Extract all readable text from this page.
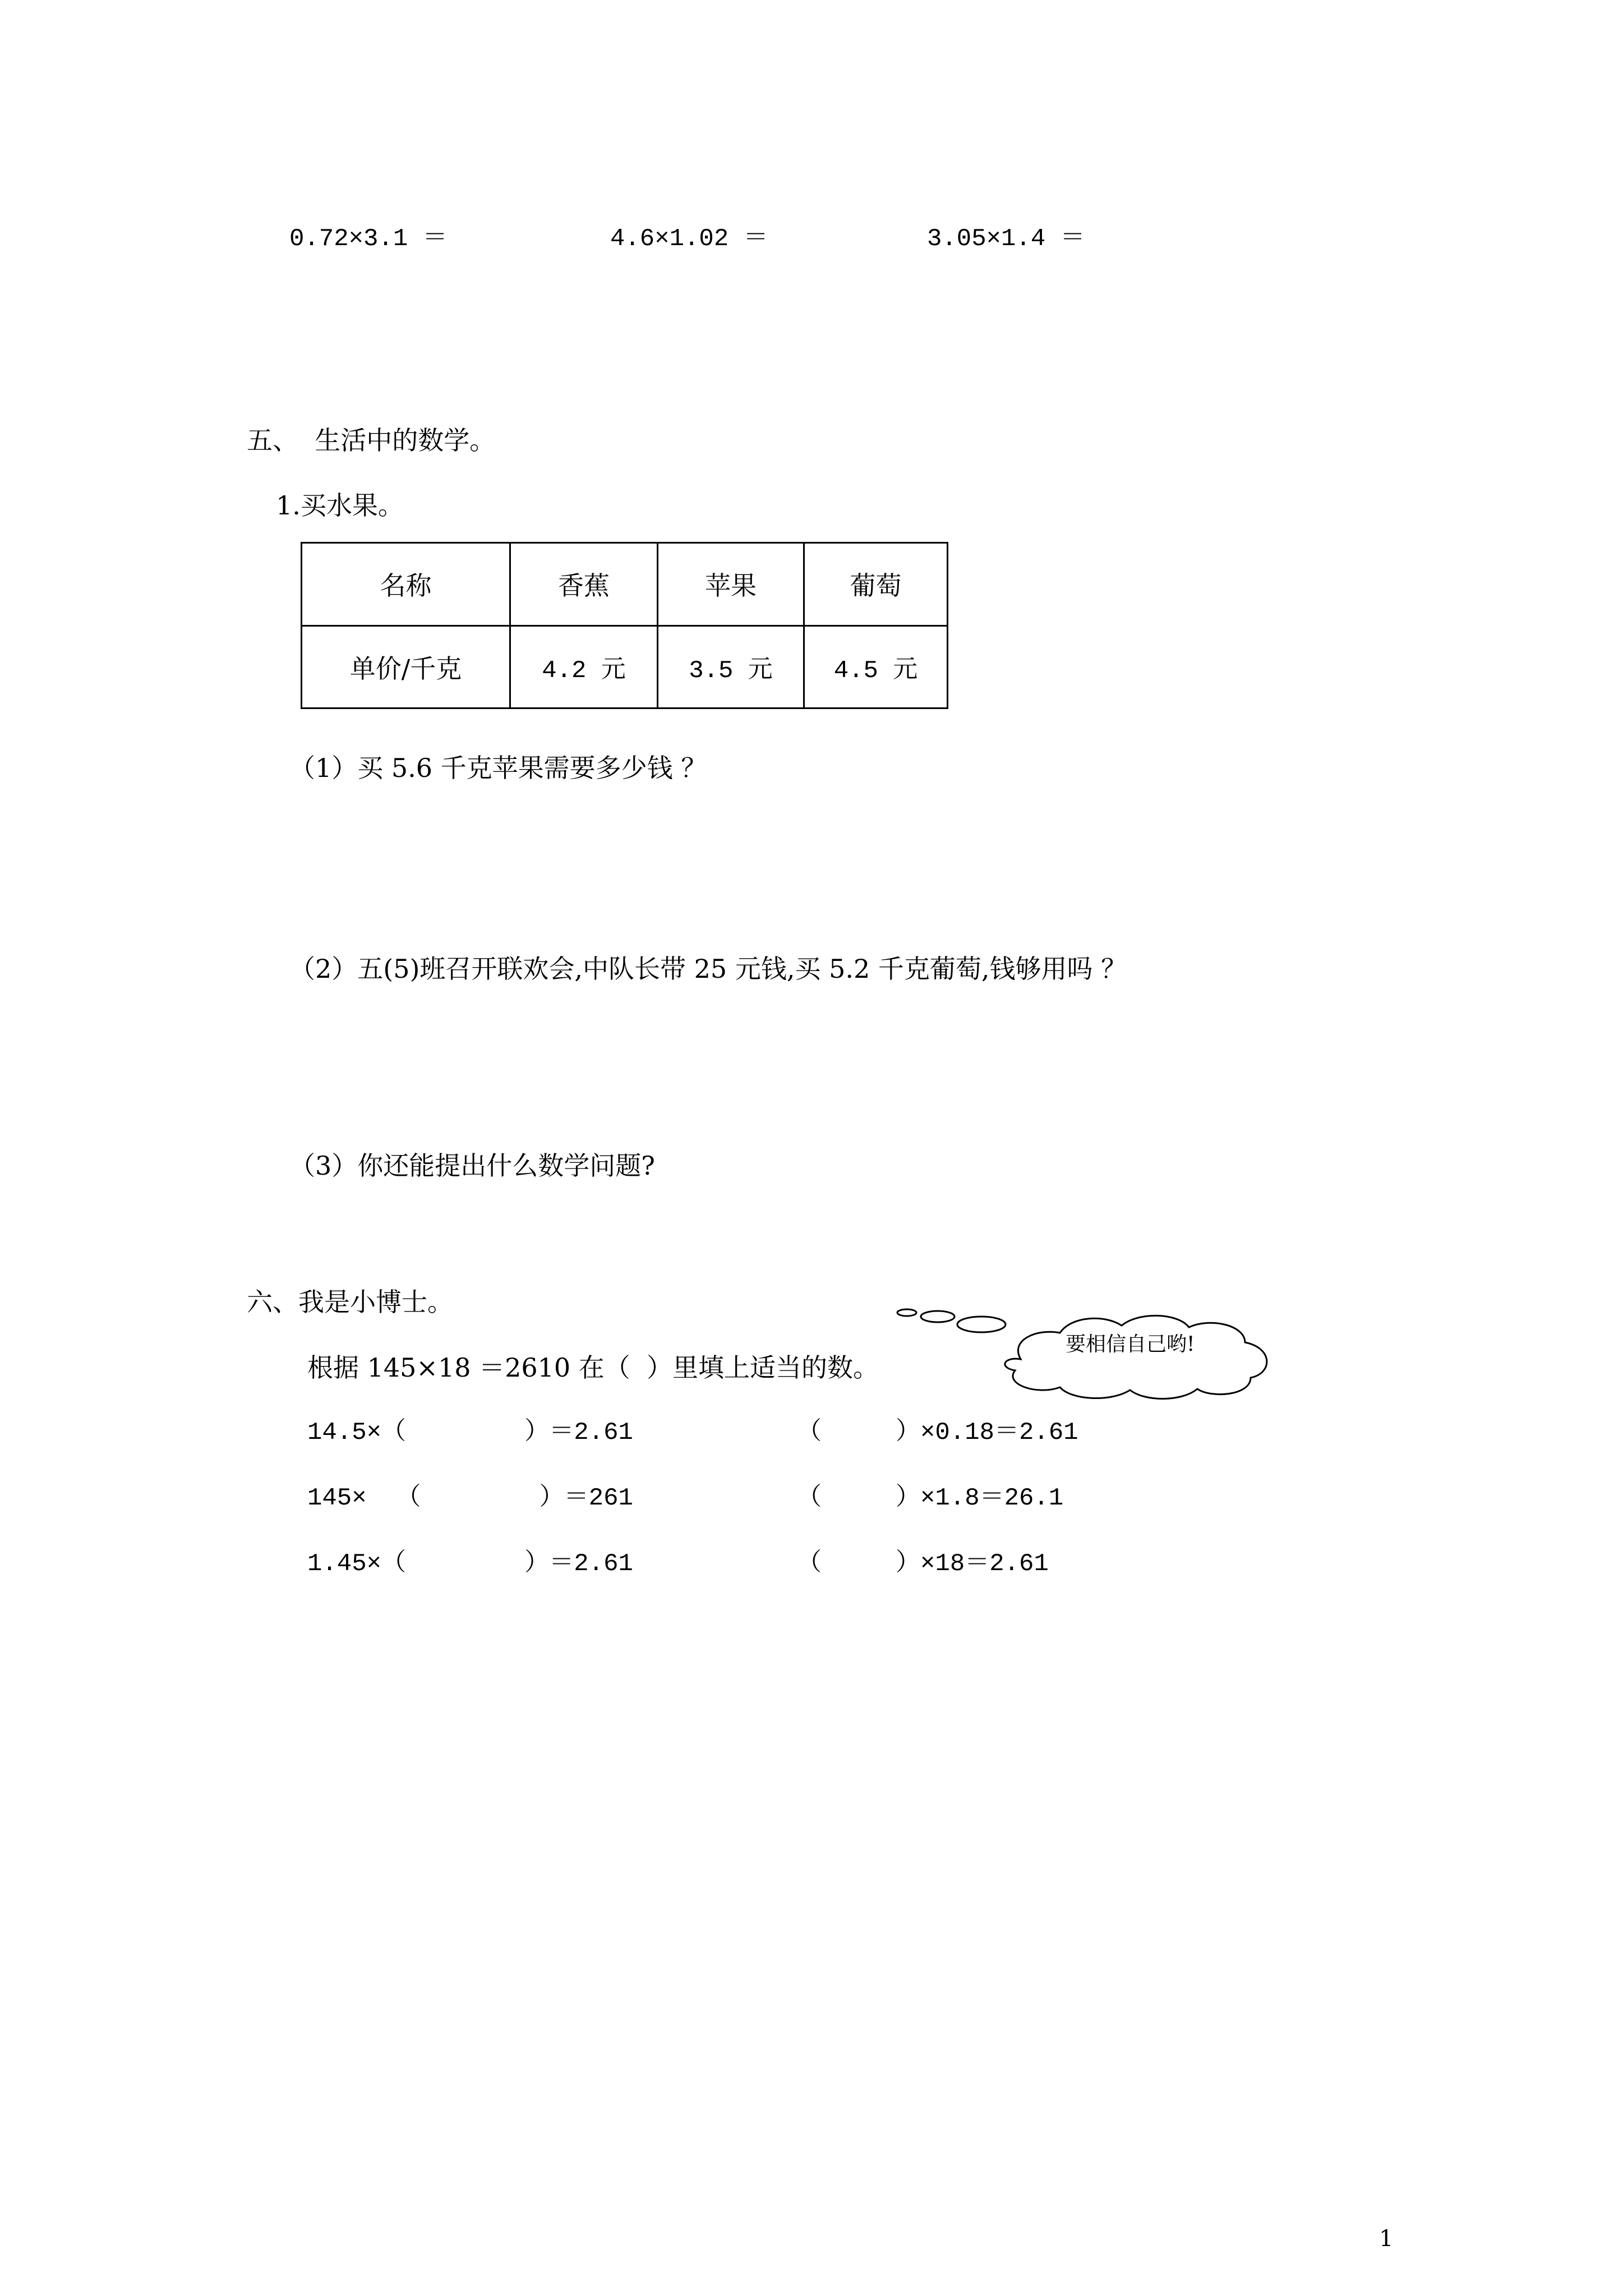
0.72×3.1 ＝	4.6×1.02 ＝	3.05×1.4 ＝
五、  生活中的数学。
1.买水果。
名称	香蕉	苹果	葡萄
单价/千克	4.2 元	3.5 元	4.5 元
（1）买 5.6 千克苹果需要多少钱 ？
（2）五(5)班召开联欢会,中队长带 25 元钱,买 5.2 千克葡萄,钱够用吗 ？
（3）你还能提出什么数学问题?
六、我是小博士。
根据 145×18 ＝2610 在（  ）里填上适当的数。
要相信自己哟!
14.5×（        ）＝2.61
145×  （        ）＝261
1.45×（        ）＝2.61
（     ）×0.18＝2.61
（     ）×1.8＝26.1
（     ）×18＝2.61
1
